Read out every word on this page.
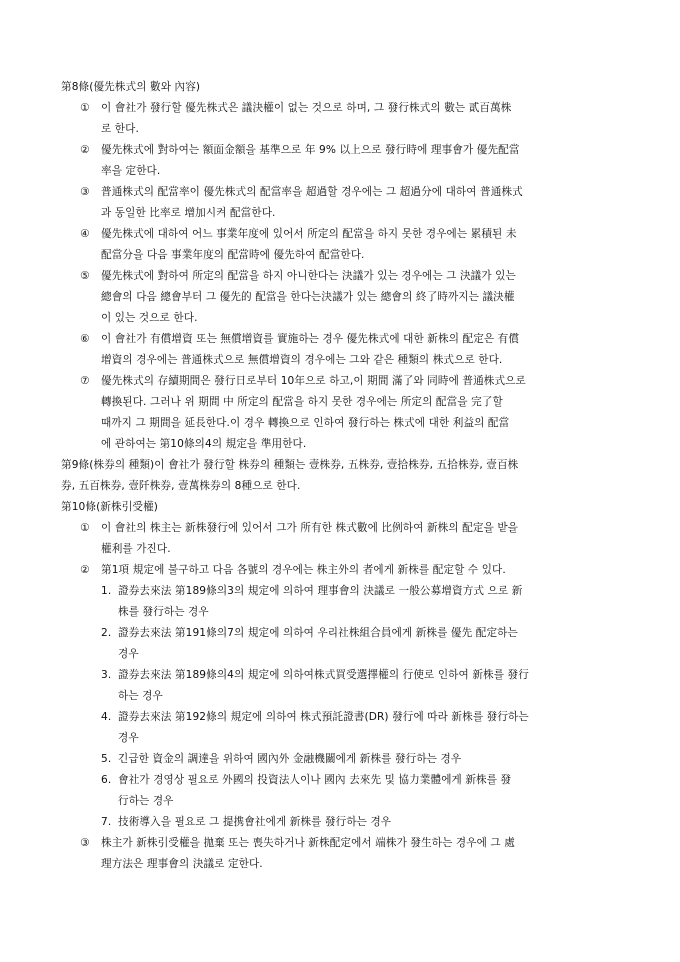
第8條(優先株式의 數와 內容)
① 이 會社가 發行할 優先株式은 議決權이 없는 것으로 하며, 그 發行株式의 數는 貳百萬株
로 한다.
② 優先株式에 對하여는 額面金額을 基準으로 年 9% 以上으로 發行時에 理事會가 優先配當
率을 定한다.
③ 普通株式의 配當率이 優先株式의 配當率을 超過할 경우에는 그 超過分에 대하여 普通株式
과 동일한 比率로 增加시켜 配當한다.
④ 優先株式에 대하여 어느 事業年度에 있어서 所定의 配當을 하지 못한 경우에는 累積된 未
配當分을 다음 事業年度의 配當時에 優先하여 配當한다.
⑤ 優先株式에 對하여 所定의 配當을 하지 아니한다는 決議가 있는 경우에는 그 決議가 있는
總會의 다음 總會부터 그 優先的 配當을 한다는決議가 있는 總會의 終了時까지는 議決權
이 있는 것으로 한다.
⑥ 이 會社가 有償增資 또는 無償增資를 實施하는 경우 優先株式에 대한 新株의 配定은 有償
增資의 경우에는 普通株式으로 無償增資의 경우에는 그와 같은 種類의 株式으로 한다.
⑦ 優先株式의 存續期間은 發行日로부터 10年으로 하고,이 期間 滿了와 同時에 普通株式으로
轉換된다. 그러나 위 期間 中 所定의 配當을 하지 못한 경우에는 所定의 配當을 完了할
때까지 그 期間을 延長한다.이 경우 轉換으로 인하여 發行하는 株式에 대한 利益의 配當
에 관하여는 第10條의4의 規定을 準用한다.
第9條(株券의 種類)이 會社가 發行할 株券의 種類는 壹株券, 五株券, 壹拾株券, 五拾株券, 壹百株
券, 五百株券, 壹阡株券, 壹萬株券의 8種으로 한다.
第10條(新株引受權)
① 이 會社의 株主는 新株發行에 있어서 그가 所有한 株式數에 比例하여 新株의 配定을 받을
權利를 가진다.
② 第1項 規定에 불구하고 다음 各號의 경우에는 株主外의 者에게 新株를 配定할 수 있다.
1. 證券去來法 第189條의3의 規定에 의하여 理事會의 決議로 一般公募增資方式 으로 新
株를 發行하는 경우
2. 證券去來法 第191條의7의 規定에 의하여 우리社株組合員에게 新株를 優先 配定하는
경우
3. 證券去來法 第189條의4의 規定에 의하여株式買受選擇權의 行使로 인하여 新株를 發行
하는 경우
4. 證券去來法 第192條의 規定에 의하여 株式預託證書(DR) 發行에 따라 新株를 發行하는
경우
5. 긴급한 資金의 調達을 위하여 國內外 金融機關에게 新株를 發行하는 경우
6. 會社가 경영상 필요로 外國의 投資法人이나 國內 去來先 및 協力業體에게 新株를 發
行하는 경우
7. 技術導入을 필요로 그 提携會社에게 新株를 發行하는 경우
③ 株主가 新株引受權을 拋棄 또는 喪失하거나 新株配定에서 端株가 發生하는 경우에 그 處
理方法은 理事會의 決議로 定한다.
